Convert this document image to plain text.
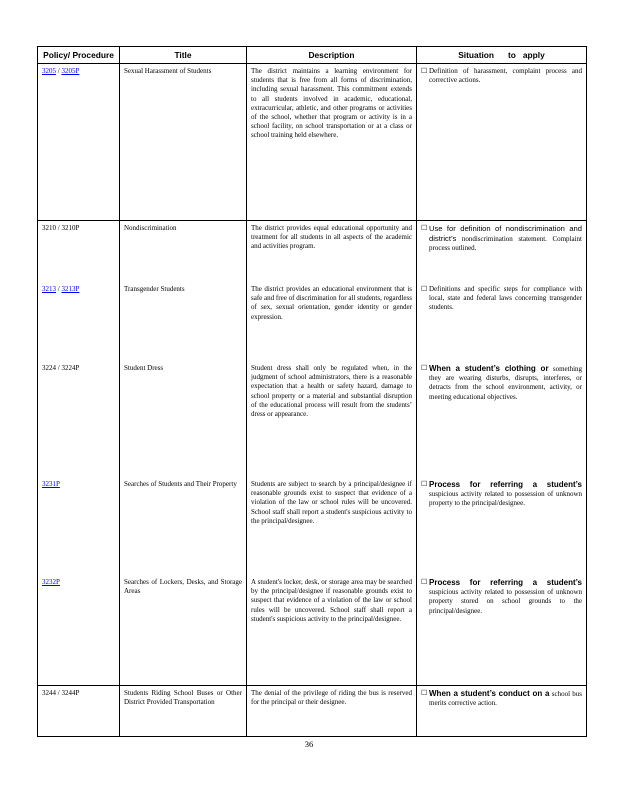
Policy/ Procedure	Title	Description	Situation      to   apply
3205 / 3205P	Sexual Harassment of Students	The district maintains a learning environment for students that is free from all forms of discrimination, including sexual harassment. This commitment extends to all students involved in academic, educational, extracurricular, athletic, and other programs or activities of the school, whether that program or activity is in a school facility, on school transportation or at a class or school training held elsewhere.	☐ Definition of harassment, complaint process and corrective actions.

3210 / 3210P	Nondiscrimination	The district provides equal educational opportunity and treatment for all students in all aspects of the academic and activities program.	☐ Use for definition of nondiscrimination and district’s nondiscrimination statement. Complaint process outlined.

3213 / 3213P	Transgender Students	The district provides an educational environment that is safe and free of discrimination for all students, regardless of sex, sexual orientation, gender identity or gender expression.	☐ Definitions and specific steps for compliance with local, state and federal laws concerning transgender students.

3224 / 3224P	Student Dress	Student dress shall only be regulated when, in the judgment of school administrators, there is a reasonable expectation that a health or safety hazard, damage to school property or a material and substantial disruption of the educational process will result from the students’ dress or appearance.	☐ When a student’s clothing or something they are wearing disturbs, disrupts, interferes, or detracts from the school environment, activity, or meeting educational objectives.

3231P	Searches of Students and Their Property	Students are subject to search by a principal/designee if reasonable grounds exist to suspect that evidence of a violation of the law or school rules will be uncovered. School staff shall report a student's suspicious activity to the principal/designee.	☐ Process for referring a student’s suspicious activity related to possession of unknown property to the principal/designee.

3232P	Searches of Lockers, Desks, and Storage Areas	A student's locker, desk, or storage area may be searched by the principal/designee if reasonable grounds exist to suspect that evidence of a violation of the law or school rules will be uncovered. School staff shall report a student's suspicious activity to the principal/designee.	☐ Process for referring a student’s suspicious activity related to possession of unknown property stored on school grounds to the principal/designee.

3244 / 3244P	Students Riding School Buses or Other District Provided Transportation	The denial of the privilege of riding the bus is reserved for the principal or their designee.	☐ When a student’s conduct on a school bus merits corrective action.
36
